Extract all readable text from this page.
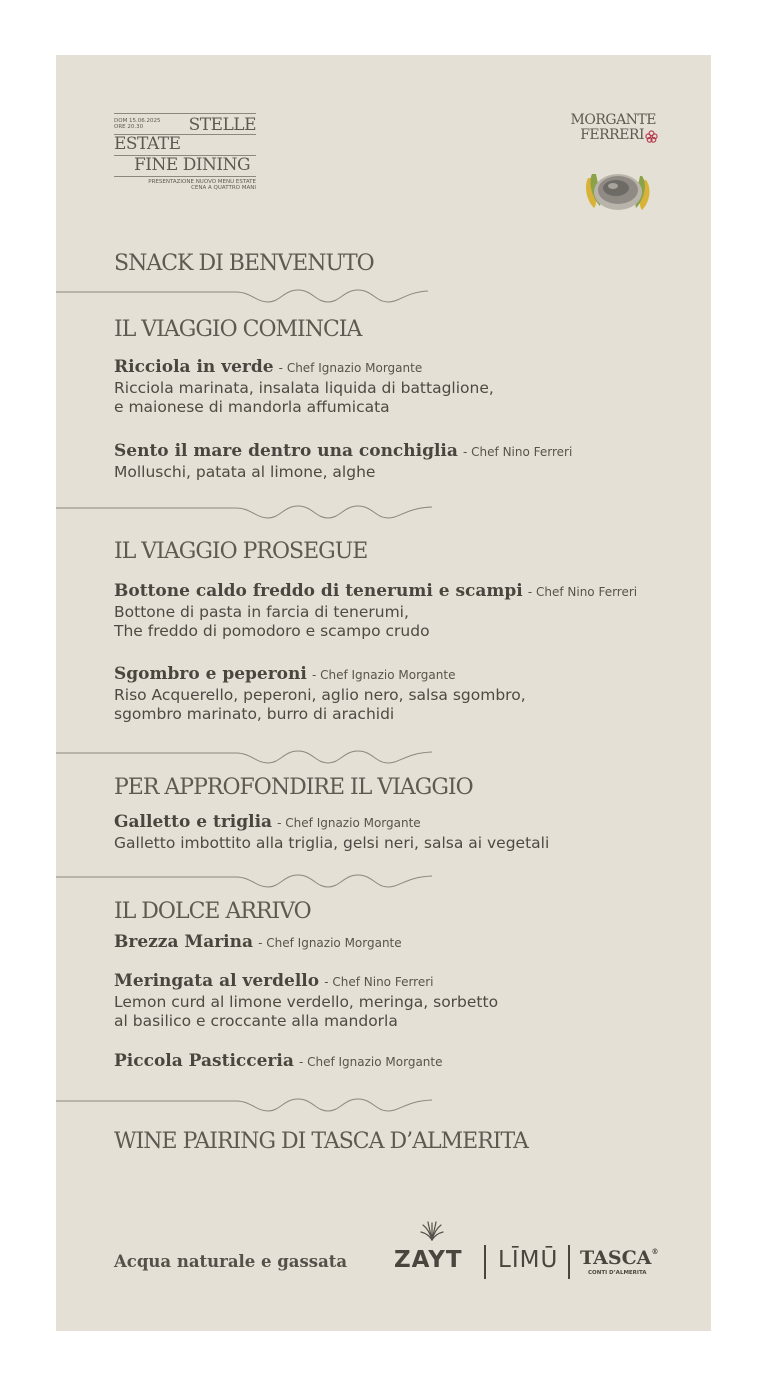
DOM 15.06.2025
ORE 20.30	STELLE
ESTATE
FINE DINING
PRESENTAZIONE NUOVO MENU ESTATE
CENA A QUATTRO MANI
MORGANTE
FERRERI
SNACK DI BENVENUTO
IL VIAGGIO COMINCIA
Ricciola in verde - Chef Ignazio Morgante
Ricciola marinata, insalata liquida di battaglione,
e maionese di mandorla affumicata
Sento il mare dentro una conchiglia - Chef Nino Ferreri
Molluschi, patata al limone, alghe
IL VIAGGIO PROSEGUE
Bottone caldo freddo di tenerumi e scampi - Chef Nino Ferreri
Bottone di pasta in farcia di tenerumi,
The freddo di pomodoro e scampo crudo
Sgombro e peperoni - Chef Ignazio Morgante
Riso Acquerello, peperoni, aglio nero, salsa sgombro,
sgombro marinato, burro di arachidi
PER APPROFONDIRE IL VIAGGIO
Galletto e triglia - Chef Ignazio Morgante
Galletto imbottito alla triglia, gelsi neri, salsa ai vegetali
IL DOLCE ARRIVO
Brezza Marina - Chef Ignazio Morgante
Meringata al verdello - Chef Nino Ferreri
Lemon curd al limone verdello, meringa, sorbetto
al basilico e croccante alla mandorla
Piccola Pasticceria - Chef Ignazio Morgante
WINE PAIRING DI TASCA D’ALMERITA
Acqua naturale e gassata ZAYT LĪMŪ TASCA®
CONTI D’ALMERITA
